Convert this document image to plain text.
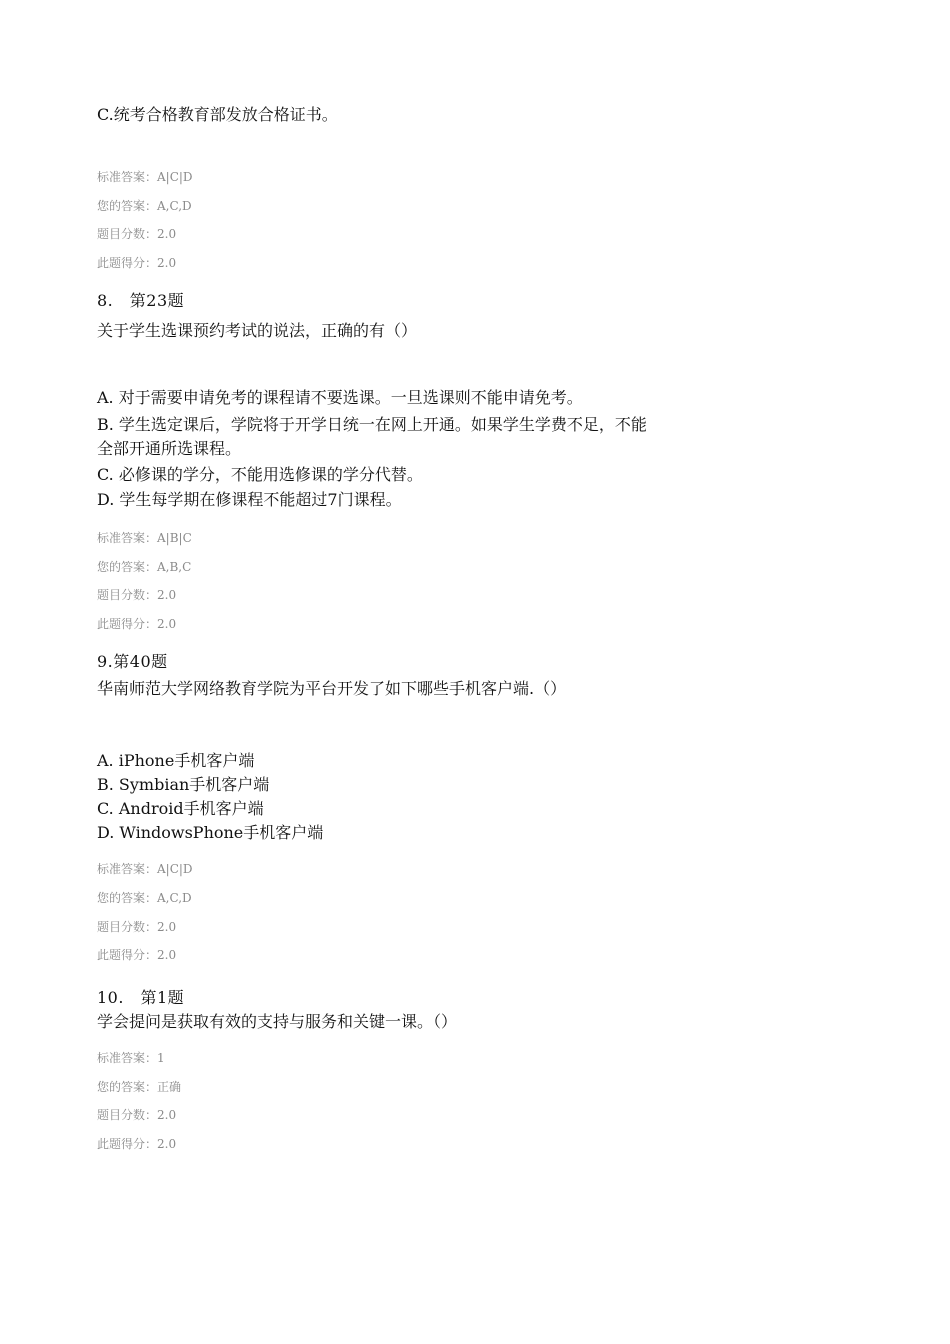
C.统考合格教育部发放合格证书。
标准答案：A|C|D
您的答案：A,C,D
题目分数：2.0
此题得分：2.0
8.　第23题
关于学生选课预约考试的说法，正确的有（）
A. 对于需要申请免考的课程请不要选课。一旦选课则不能申请免考。
B. 学生选定课后，学院将于开学日统一在网上开通。如果学生学费不足，不能
全部开通所选课程。
C. 必修课的学分，不能用选修课的学分代替。
D. 学生每学期在修课程不能超过7门课程。
标准答案：A|B|C
您的答案：A,B,C
题目分数：2.0
此题得分：2.0
9.第40题
华南师范大学网络教育学院为平台开发了如下哪些手机客户端.（）
A. iPhone手机客户端
B. Symbian手机客户端
C. Android手机客户端
D. WindowsPhone手机客户端
标准答案：A|C|D
您的答案：A,C,D
题目分数：2.0
此题得分：2.0
10.　第1题
学会提问是获取有效的支持与服务和关键一课。（）
标准答案：1
您的答案：正确
题目分数：2.0
此题得分：2.0
